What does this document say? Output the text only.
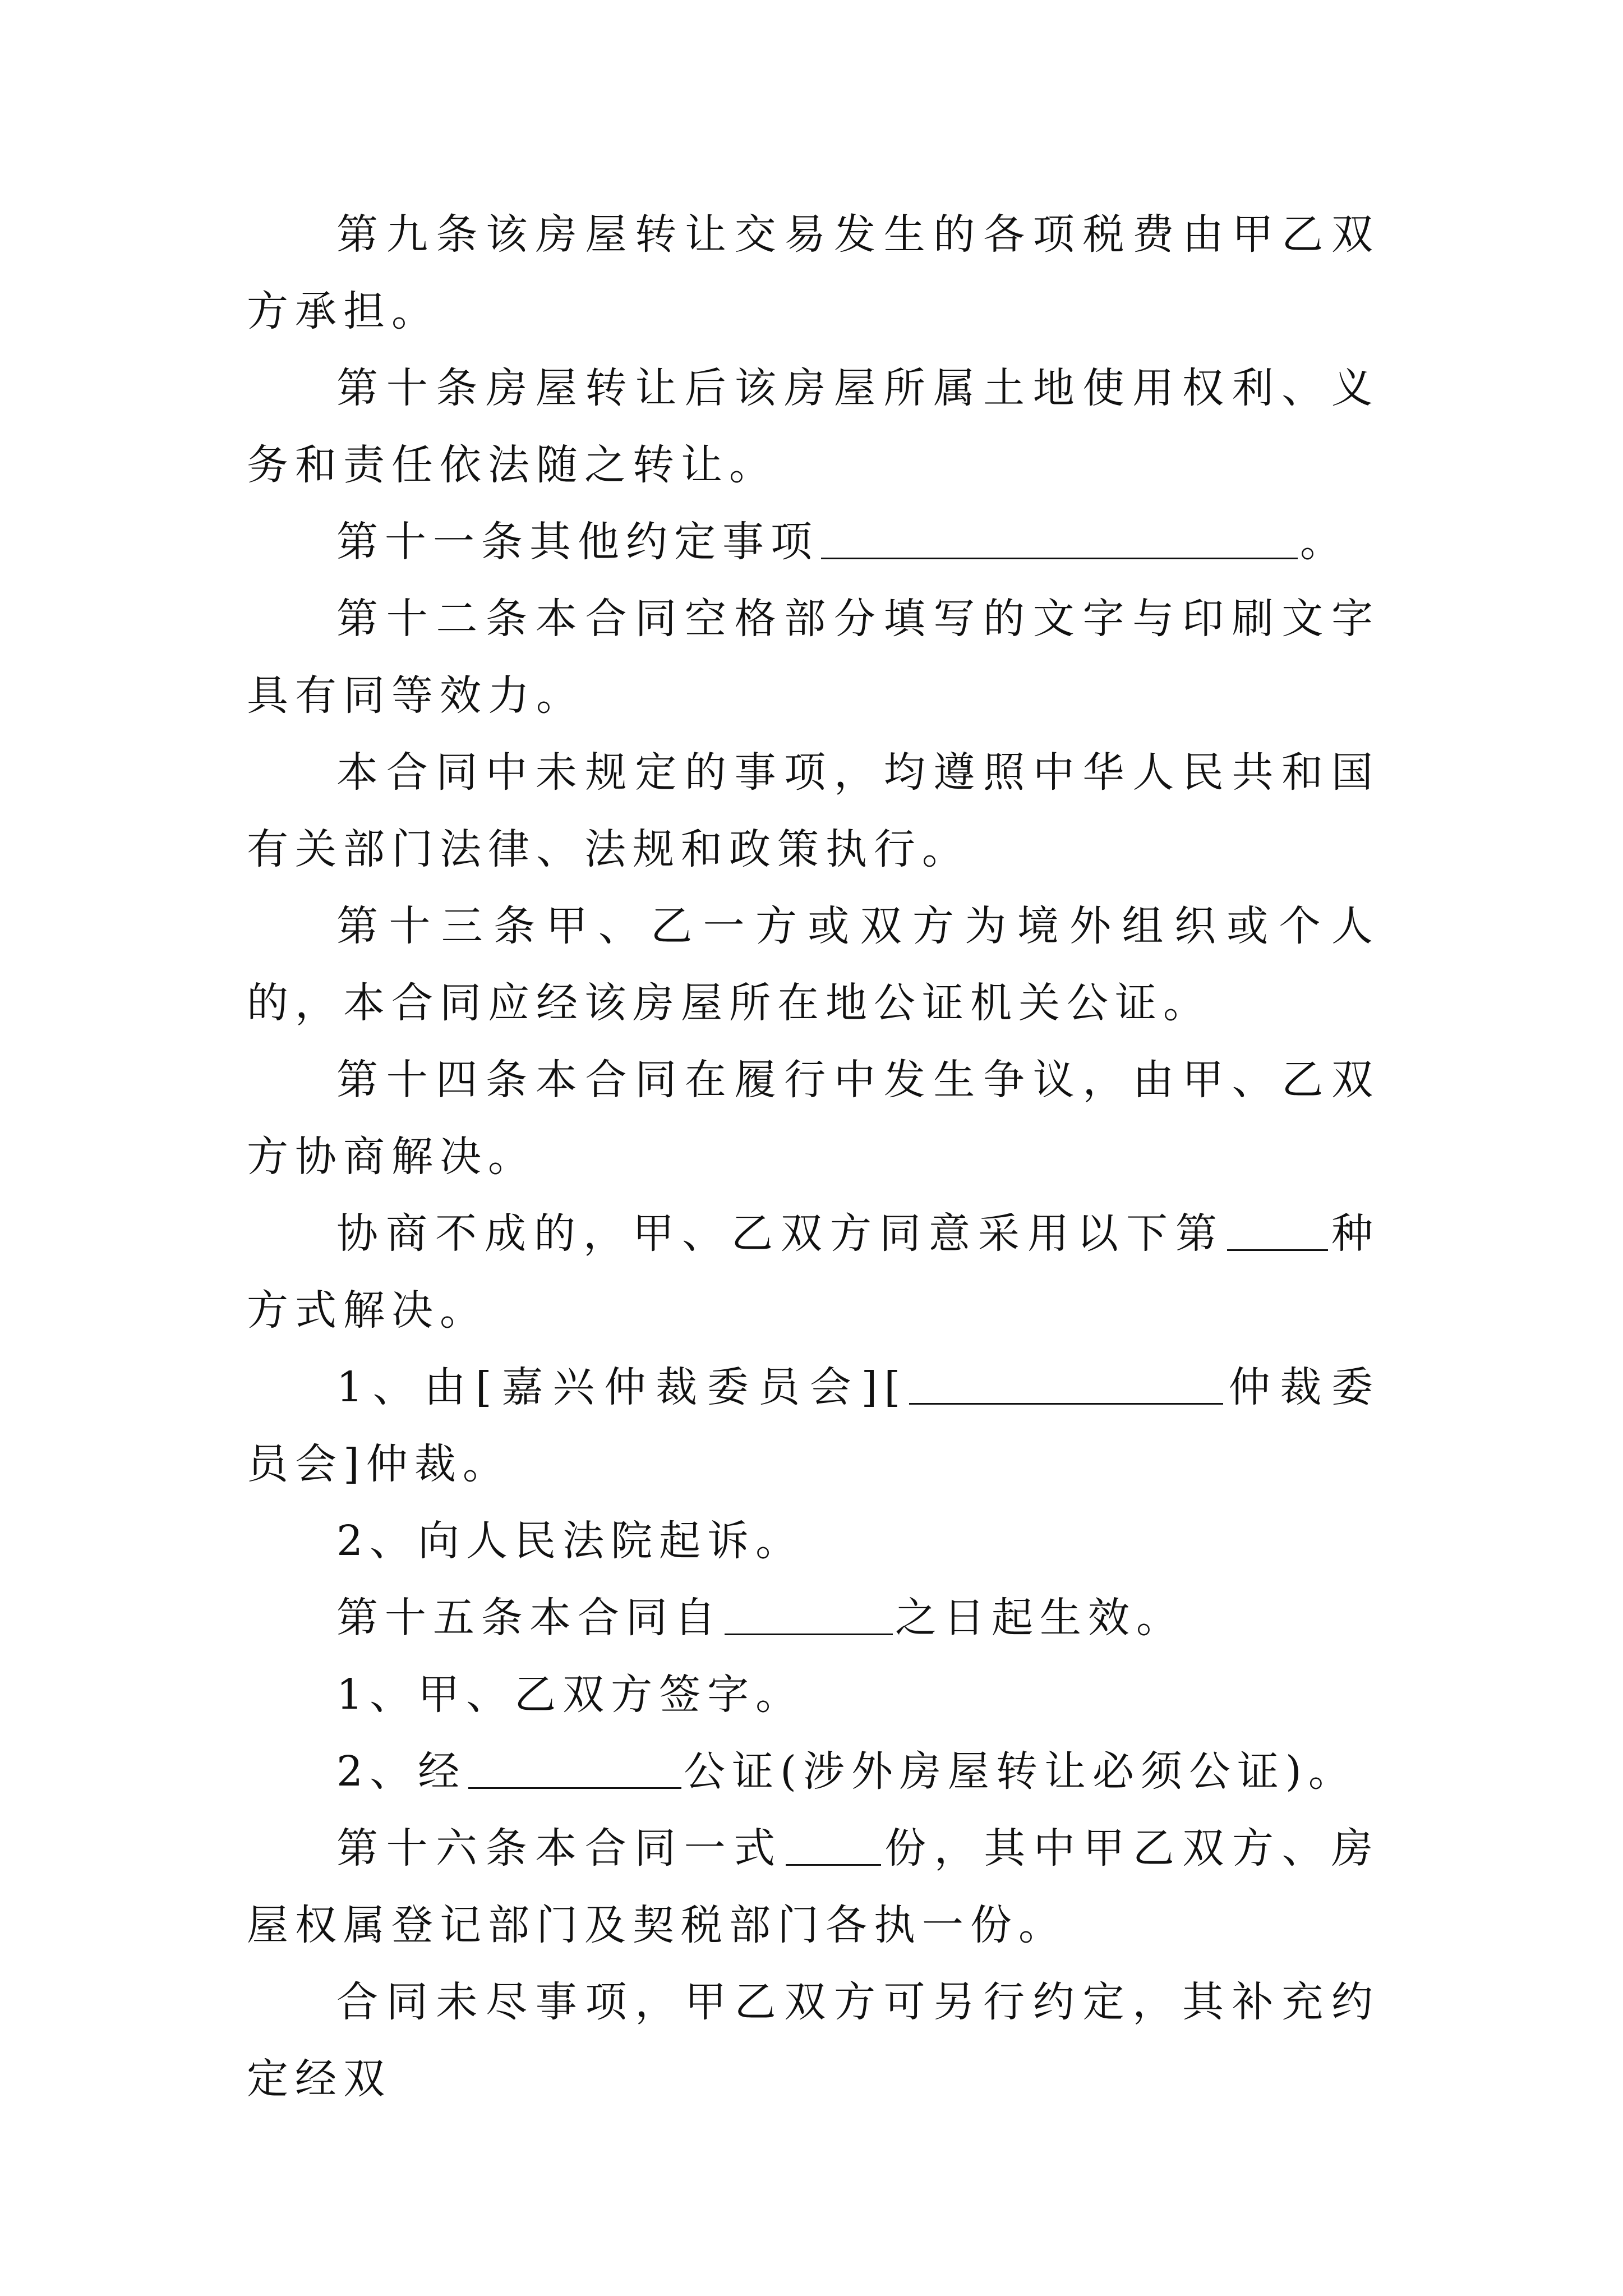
第九条该房屋转让交易发生的各项税费由甲乙双方承担。

第十条房屋转让后该房屋所属土地使用权利、义务和责任依法随之转让。

第十一条其他约定事项	。

第十二条本合同空格部分填写的文字与印刷文字具有同等效力。

本合同中未规定的事项，均遵照中华人民共和国有关部门法律、法规和政策执行。

第十三条甲、乙一方或双方为境外组织或个人的，本合同应经该房屋所在地公证机关公证。

第十四条本合同在履行中发生争议，由甲、乙双方协商解决。

协商不成的，甲、乙双方同意采用以下第	种方式解决。

1、由[嘉兴仲裁委员会][	仲裁委员会]仲裁。

2、向人民法院起诉。

第十五条本合同自	之日起生效。

1、甲、乙双方签字。

2、经	公证(涉外房屋转让必须公证)。

第十六条本合同一式 份，其中甲乙双方、房屋权属登记部门及契税部门各执一份。

合同未尽事项，甲乙双方可另行约定，其补充约定经双
